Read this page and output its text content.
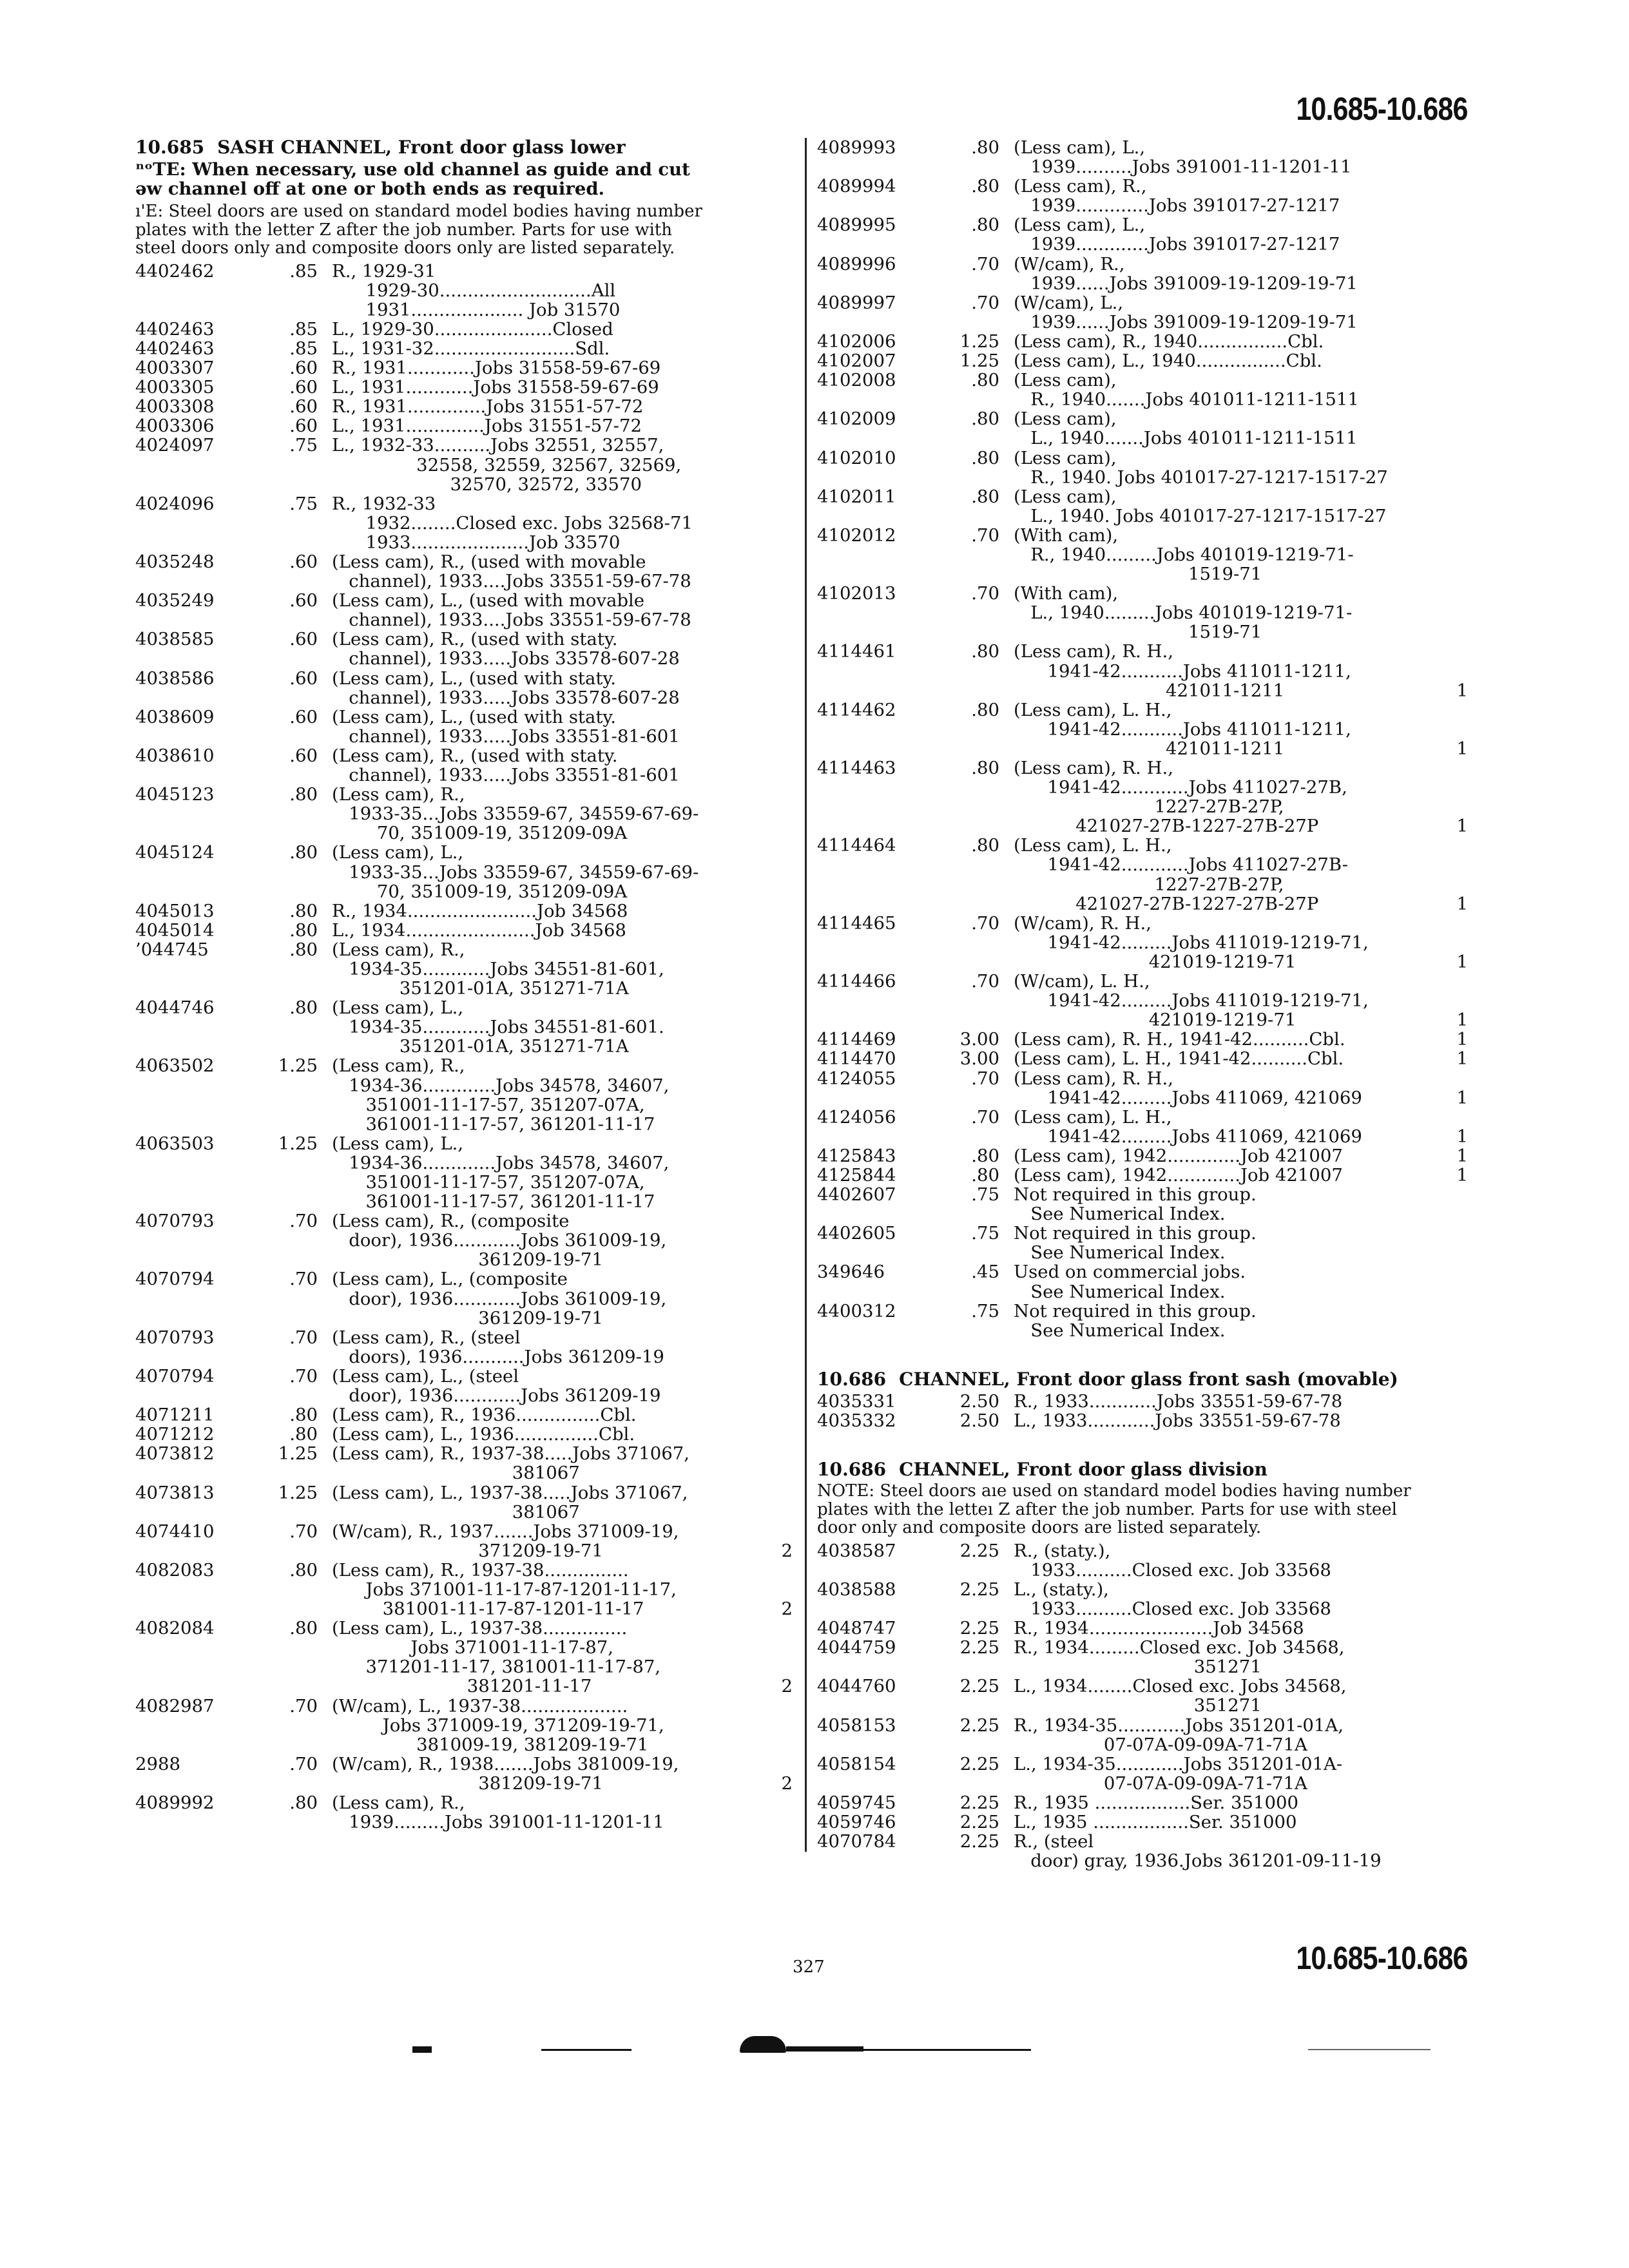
10.685-10.686
10.685 SASH CHANNEL, Front door glass lower
ⁿᵒTE: When necessary, use old channel as guide and cut
əw channel off at one or both ends as required.
ı'E: Steel doors are used on standard model bodies having number
plates with the letter Z after the job number. Parts for use with
steel doors only and composite doors only are listed separately.
4402462	.85 R., 1929-31
1929-30...........................All
1931.................... Job 31570
4402463	.85 L., 1929-30.....................Closed
4402463	.85 L., 1931-32.........................Sdl.
4003307	.60 R., 1931............Jobs 31558-59-67-69
4003305	.60 L., 1931............Jobs 31558-59-67-69
4003308	.60 R., 1931..............Jobs 31551-57-72
4003306	.60 L., 1931..............Jobs 31551-57-72
4024097	.75 L., 1932-33..........Jobs 32551, 32557,
32558, 32559, 32567, 32569,
32570, 32572, 33570
4024096	.75 R., 1932-33
1932........Closed exc. Jobs 32568-71
1933.....................Job 33570
4035248	.60 (Less cam), R., (used with movable
channel), 1933....Jobs 33551-59-67-78
4035249	.60 (Less cam), L., (used with movable
channel), 1933....Jobs 33551-59-67-78
4038585	.60 (Less cam), R., (used with staty.
channel), 1933.....Jobs 33578-607-28
4038586	.60 (Less cam), L., (used with staty.
channel), 1933.....Jobs 33578-607-28
4038609	.60 (Less cam), L., (used with staty.
channel), 1933.....Jobs 33551-81-601
4038610	.60 (Less cam), R., (used with staty.
channel), 1933.....Jobs 33551-81-601
4045123	.80 (Less cam), R.,
1933-35...Jobs 33559-67, 34559-67-69-
70, 351009-19, 351209-09A
4045124	.80 (Less cam), L.,
1933-35...Jobs 33559-67, 34559-67-69-
70, 351009-19, 351209-09A
4045013	.80 R., 1934.......................Job 34568
4045014	.80 L., 1934.......................Job 34568
’044745	.80 (Less cam), R.,
1934-35............Jobs 34551-81-601,
351201-01A, 351271-71A
4044746	.80 (Less cam), L.,
1934-35............Jobs 34551-81-601.
351201-01A, 351271-71A
4063502	1.25 (Less cam), R.,
1934-36.............Jobs 34578, 34607,
351001-11-17-57, 351207-07A,
361001-11-17-57, 361201-11-17
4063503	1.25 (Less cam), L.,
1934-36.............Jobs 34578, 34607,
351001-11-17-57, 351207-07A,
361001-11-17-57, 361201-11-17
4070793	.70 (Less cam), R., (composite
door), 1936............Jobs 361009-19,
361209-19-71
4070794	.70 (Less cam), L., (composite
door), 1936............Jobs 361009-19,
361209-19-71
4070793	.70 (Less cam), R., (steel
doors), 1936...........Jobs 361209-19
4070794	.70 (Less cam), L., (steel
door), 1936............Jobs 361209-19
4071211	.80 (Less cam), R., 1936...............Cbl.
4071212	.80 (Less cam), L., 1936...............Cbl.
4073812	1.25 (Less cam), R., 1937-38.....Jobs 371067,
381067
4073813	1.25 (Less cam), L., 1937-38.....Jobs 371067,
381067
4074410	.70 (W/cam), R., 1937.......Jobs 371009-19,
371209-19-71	2
4082083	.80 (Less cam), R., 1937-38...............
Jobs 371001-11-17-87-1201-11-17,
381001-11-17-87-1201-11-17	2
4082084	.80 (Less cam), L., 1937-38...............
Jobs 371001-11-17-87,
371201-11-17, 381001-11-17-87,
381201-11-17	2
4082987	.70 (W/cam), L., 1937-38...................
Jobs 371009-19, 371209-19-71,
381009-19, 381209-19-71
2988	.70 (W/cam), R., 1938.......Jobs 381009-19,
381209-19-71	2
4089992	.80 (Less cam), R.,
1939.........Jobs 391001-11-1201-11
4089993	.80 (Less cam), L.,
1939..........Jobs 391001-11-1201-11
4089994	.80 (Less cam), R.,
1939.............Jobs 391017-27-1217
4089995	.80 (Less cam), L.,
1939.............Jobs 391017-27-1217
4089996	.70 (W/cam), R.,
1939......Jobs 391009-19-1209-19-71
4089997	.70 (W/cam), L.,
1939......Jobs 391009-19-1209-19-71
4102006	1.25 (Less cam), R., 1940................Cbl.
4102007	1.25 (Less cam), L., 1940................Cbl.
4102008	.80 (Less cam),
R., 1940.......Jobs 401011-1211-1511
4102009	.80 (Less cam),
L., 1940.......Jobs 401011-1211-1511
4102010	.80 (Less cam),
R., 1940. Jobs 401017-27-1217-1517-27
4102011	.80 (Less cam),
L., 1940. Jobs 401017-27-1217-1517-27
4102012	.70 (With cam),
R., 1940.........Jobs 401019-1219-71-
1519-71
4102013	.70 (With cam),
L., 1940.........Jobs 401019-1219-71-
1519-71
4114461	.80 (Less cam), R. H.,
1941-42...........Jobs 411011-1211,
421011-1211	1
4114462	.80 (Less cam), L. H.,
1941-42...........Jobs 411011-1211,
421011-1211	1
4114463	.80 (Less cam), R. H.,
1941-42............Jobs 411027-27B,
1227-27B-27P,
421027-27B-1227-27B-27P	1
4114464	.80 (Less cam), L. H.,
1941-42............Jobs 411027-27B-
1227-27B-27P,
421027-27B-1227-27B-27P	1
4114465	.70 (W/cam), R. H.,
1941-42.........Jobs 411019-1219-71,
421019-1219-71	1
4114466	.70 (W/cam), L. H.,
1941-42.........Jobs 411019-1219-71,
421019-1219-71	1
4114469	3.00 (Less cam), R. H., 1941-42..........Cbl.	1
4114470	3.00 (Less cam), L. H., 1941-42..........Cbl.	1
4124055	.70 (Less cam), R. H.,
1941-42.........Jobs 411069, 421069	1
4124056	.70 (Less cam), L. H.,
1941-42.........Jobs 411069, 421069	1
4125843	.80 (Less cam), 1942.............Job 421007	1
4125844	.80 (Less cam), 1942.............Job 421007	1
4402607	.75 Not required in this group.
See Numerical Index.
4402605	.75 Not required in this group.
See Numerical Index.
349646	.45 Used on commercial jobs.
See Numerical Index.
4400312	.75 Not required in this group.
See Numerical Index.
10.686 CHANNEL, Front door glass front sash (movable)
4035331	2.50 R., 1933............Jobs 33551-59-67-78
4035332	2.50 L., 1933............Jobs 33551-59-67-78
10.686 CHANNEL, Front door glass division
NOTE: Steel doors aıe used on standard model bodies having number
plates with the letteı Z after the job number. Parts for use with steel
door only and composite doors are listed separately.
4038587	2.25 R., (staty.),
1933..........Closed exc. Job 33568
4038588	2.25 L., (staty.),
1933..........Closed exc. Job 33568
4048747	2.25 R., 1934......................Job 34568
4044759	2.25 R., 1934.........Closed exc. Job 34568,
351271
4044760	2.25 L., 1934........Closed exc. Jobs 34568,
351271
4058153	2.25 R., 1934-35............Jobs 351201-01A,
07-07A-09-09A-71-71A
4058154	2.25 L., 1934-35............Jobs 351201-01A-
07-07A-09-09A-71-71A
4059745	2.25 R., 1935 .................Ser. 351000
4059746	2.25 L., 1935 .................Ser. 351000
4070784	2.25 R., (steel
door) gray, 1936.Jobs 361201-09-11-19
327	10.685-10.686
